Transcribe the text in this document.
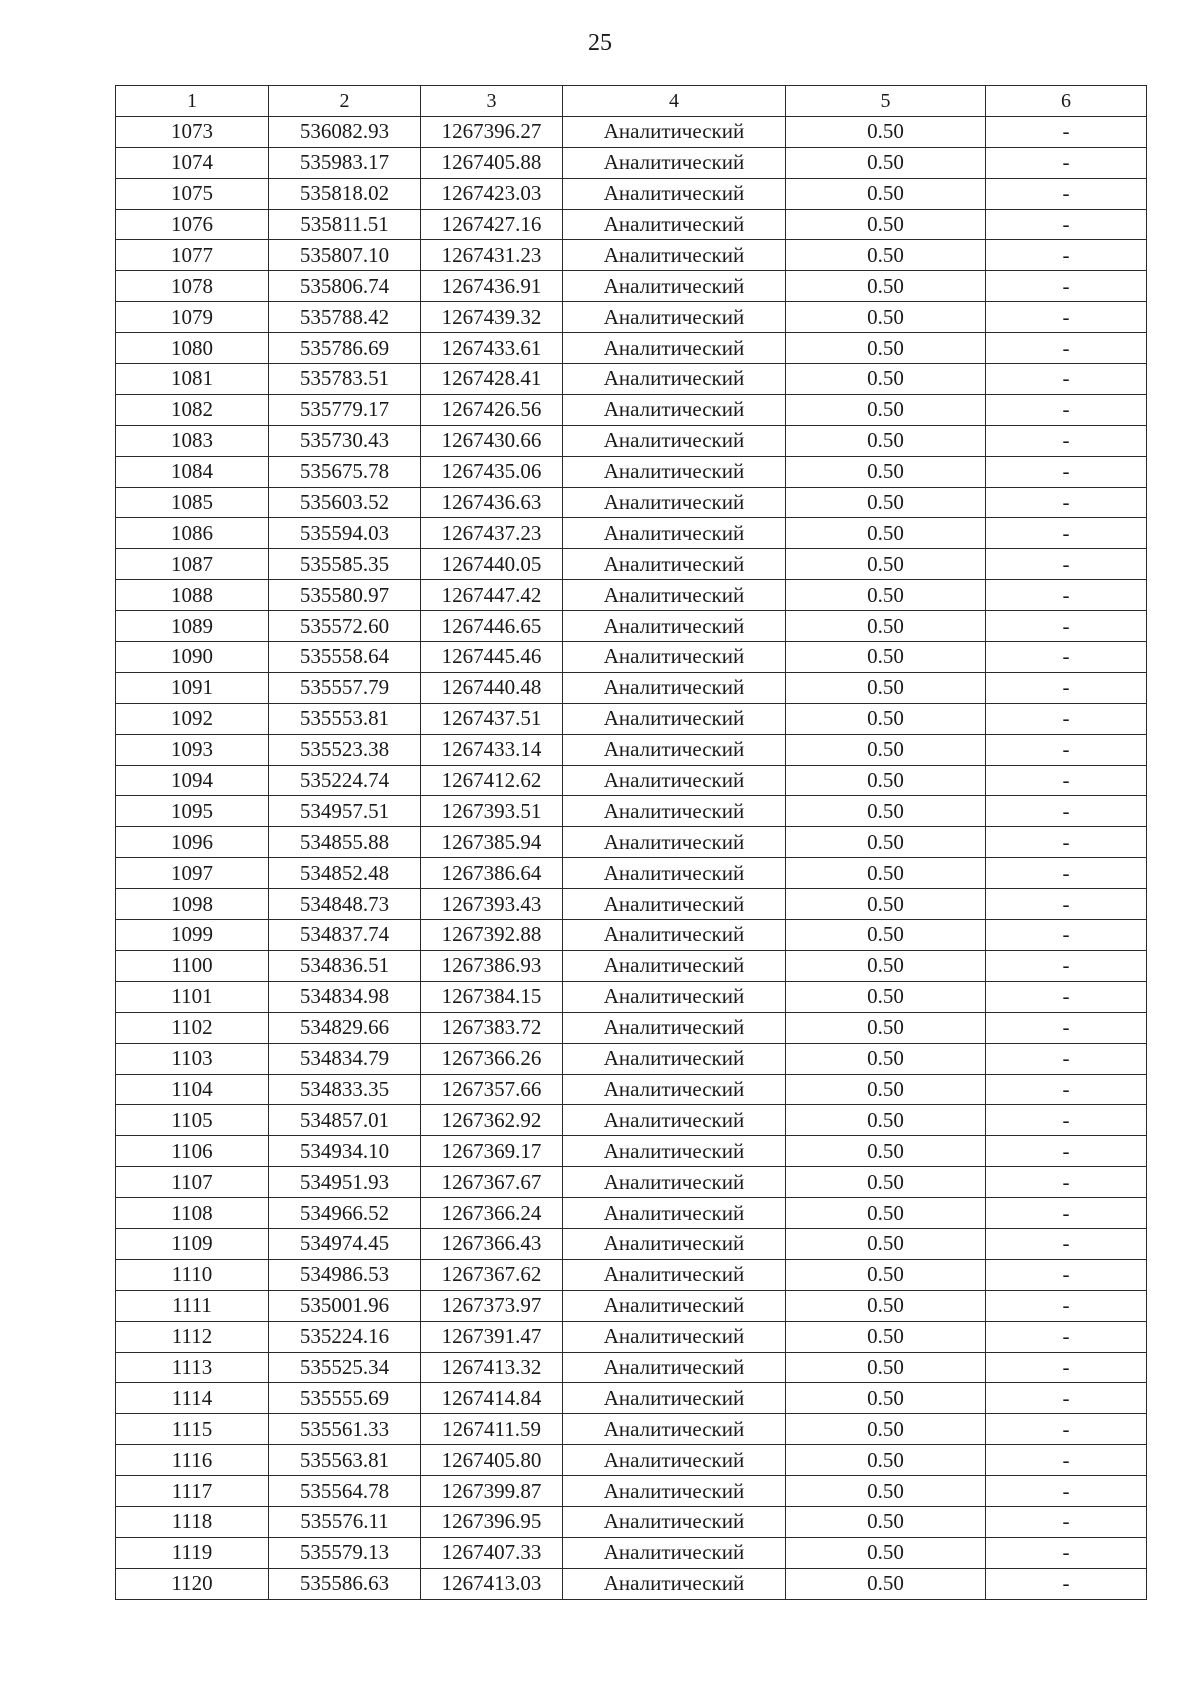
25
1	2	3	4	5	6
1073	536082.93	1267396.27	Аналитический	0.50	-
1074	535983.17	1267405.88	Аналитический	0.50	-
1075	535818.02	1267423.03	Аналитический	0.50	-
1076	535811.51	1267427.16	Аналитический	0.50	-
1077	535807.10	1267431.23	Аналитический	0.50	-
1078	535806.74	1267436.91	Аналитический	0.50	-
1079	535788.42	1267439.32	Аналитический	0.50	-
1080	535786.69	1267433.61	Аналитический	0.50	-
1081	535783.51	1267428.41	Аналитический	0.50	-
1082	535779.17	1267426.56	Аналитический	0.50	-
1083	535730.43	1267430.66	Аналитический	0.50	-
1084	535675.78	1267435.06	Аналитический	0.50	-
1085	535603.52	1267436.63	Аналитический	0.50	-
1086	535594.03	1267437.23	Аналитический	0.50	-
1087	535585.35	1267440.05	Аналитический	0.50	-
1088	535580.97	1267447.42	Аналитический	0.50	-
1089	535572.60	1267446.65	Аналитический	0.50	-
1090	535558.64	1267445.46	Аналитический	0.50	-
1091	535557.79	1267440.48	Аналитический	0.50	-
1092	535553.81	1267437.51	Аналитический	0.50	-
1093	535523.38	1267433.14	Аналитический	0.50	-
1094	535224.74	1267412.62	Аналитический	0.50	-
1095	534957.51	1267393.51	Аналитический	0.50	-
1096	534855.88	1267385.94	Аналитический	0.50	-
1097	534852.48	1267386.64	Аналитический	0.50	-
1098	534848.73	1267393.43	Аналитический	0.50	-
1099	534837.74	1267392.88	Аналитический	0.50	-
1100	534836.51	1267386.93	Аналитический	0.50	-
1101	534834.98	1267384.15	Аналитический	0.50	-
1102	534829.66	1267383.72	Аналитический	0.50	-
1103	534834.79	1267366.26	Аналитический	0.50	-
1104	534833.35	1267357.66	Аналитический	0.50	-
1105	534857.01	1267362.92	Аналитический	0.50	-
1106	534934.10	1267369.17	Аналитический	0.50	-
1107	534951.93	1267367.67	Аналитический	0.50	-
1108	534966.52	1267366.24	Аналитический	0.50	-
1109	534974.45	1267366.43	Аналитический	0.50	-
1110	534986.53	1267367.62	Аналитический	0.50	-
1111	535001.96	1267373.97	Аналитический	0.50	-
1112	535224.16	1267391.47	Аналитический	0.50	-
1113	535525.34	1267413.32	Аналитический	0.50	-
1114	535555.69	1267414.84	Аналитический	0.50	-
1115	535561.33	1267411.59	Аналитический	0.50	-
1116	535563.81	1267405.80	Аналитический	0.50	-
1117	535564.78	1267399.87	Аналитический	0.50	-
1118	535576.11	1267396.95	Аналитический	0.50	-
1119	535579.13	1267407.33	Аналитический	0.50	-
1120	535586.63	1267413.03	Аналитический	0.50	-
